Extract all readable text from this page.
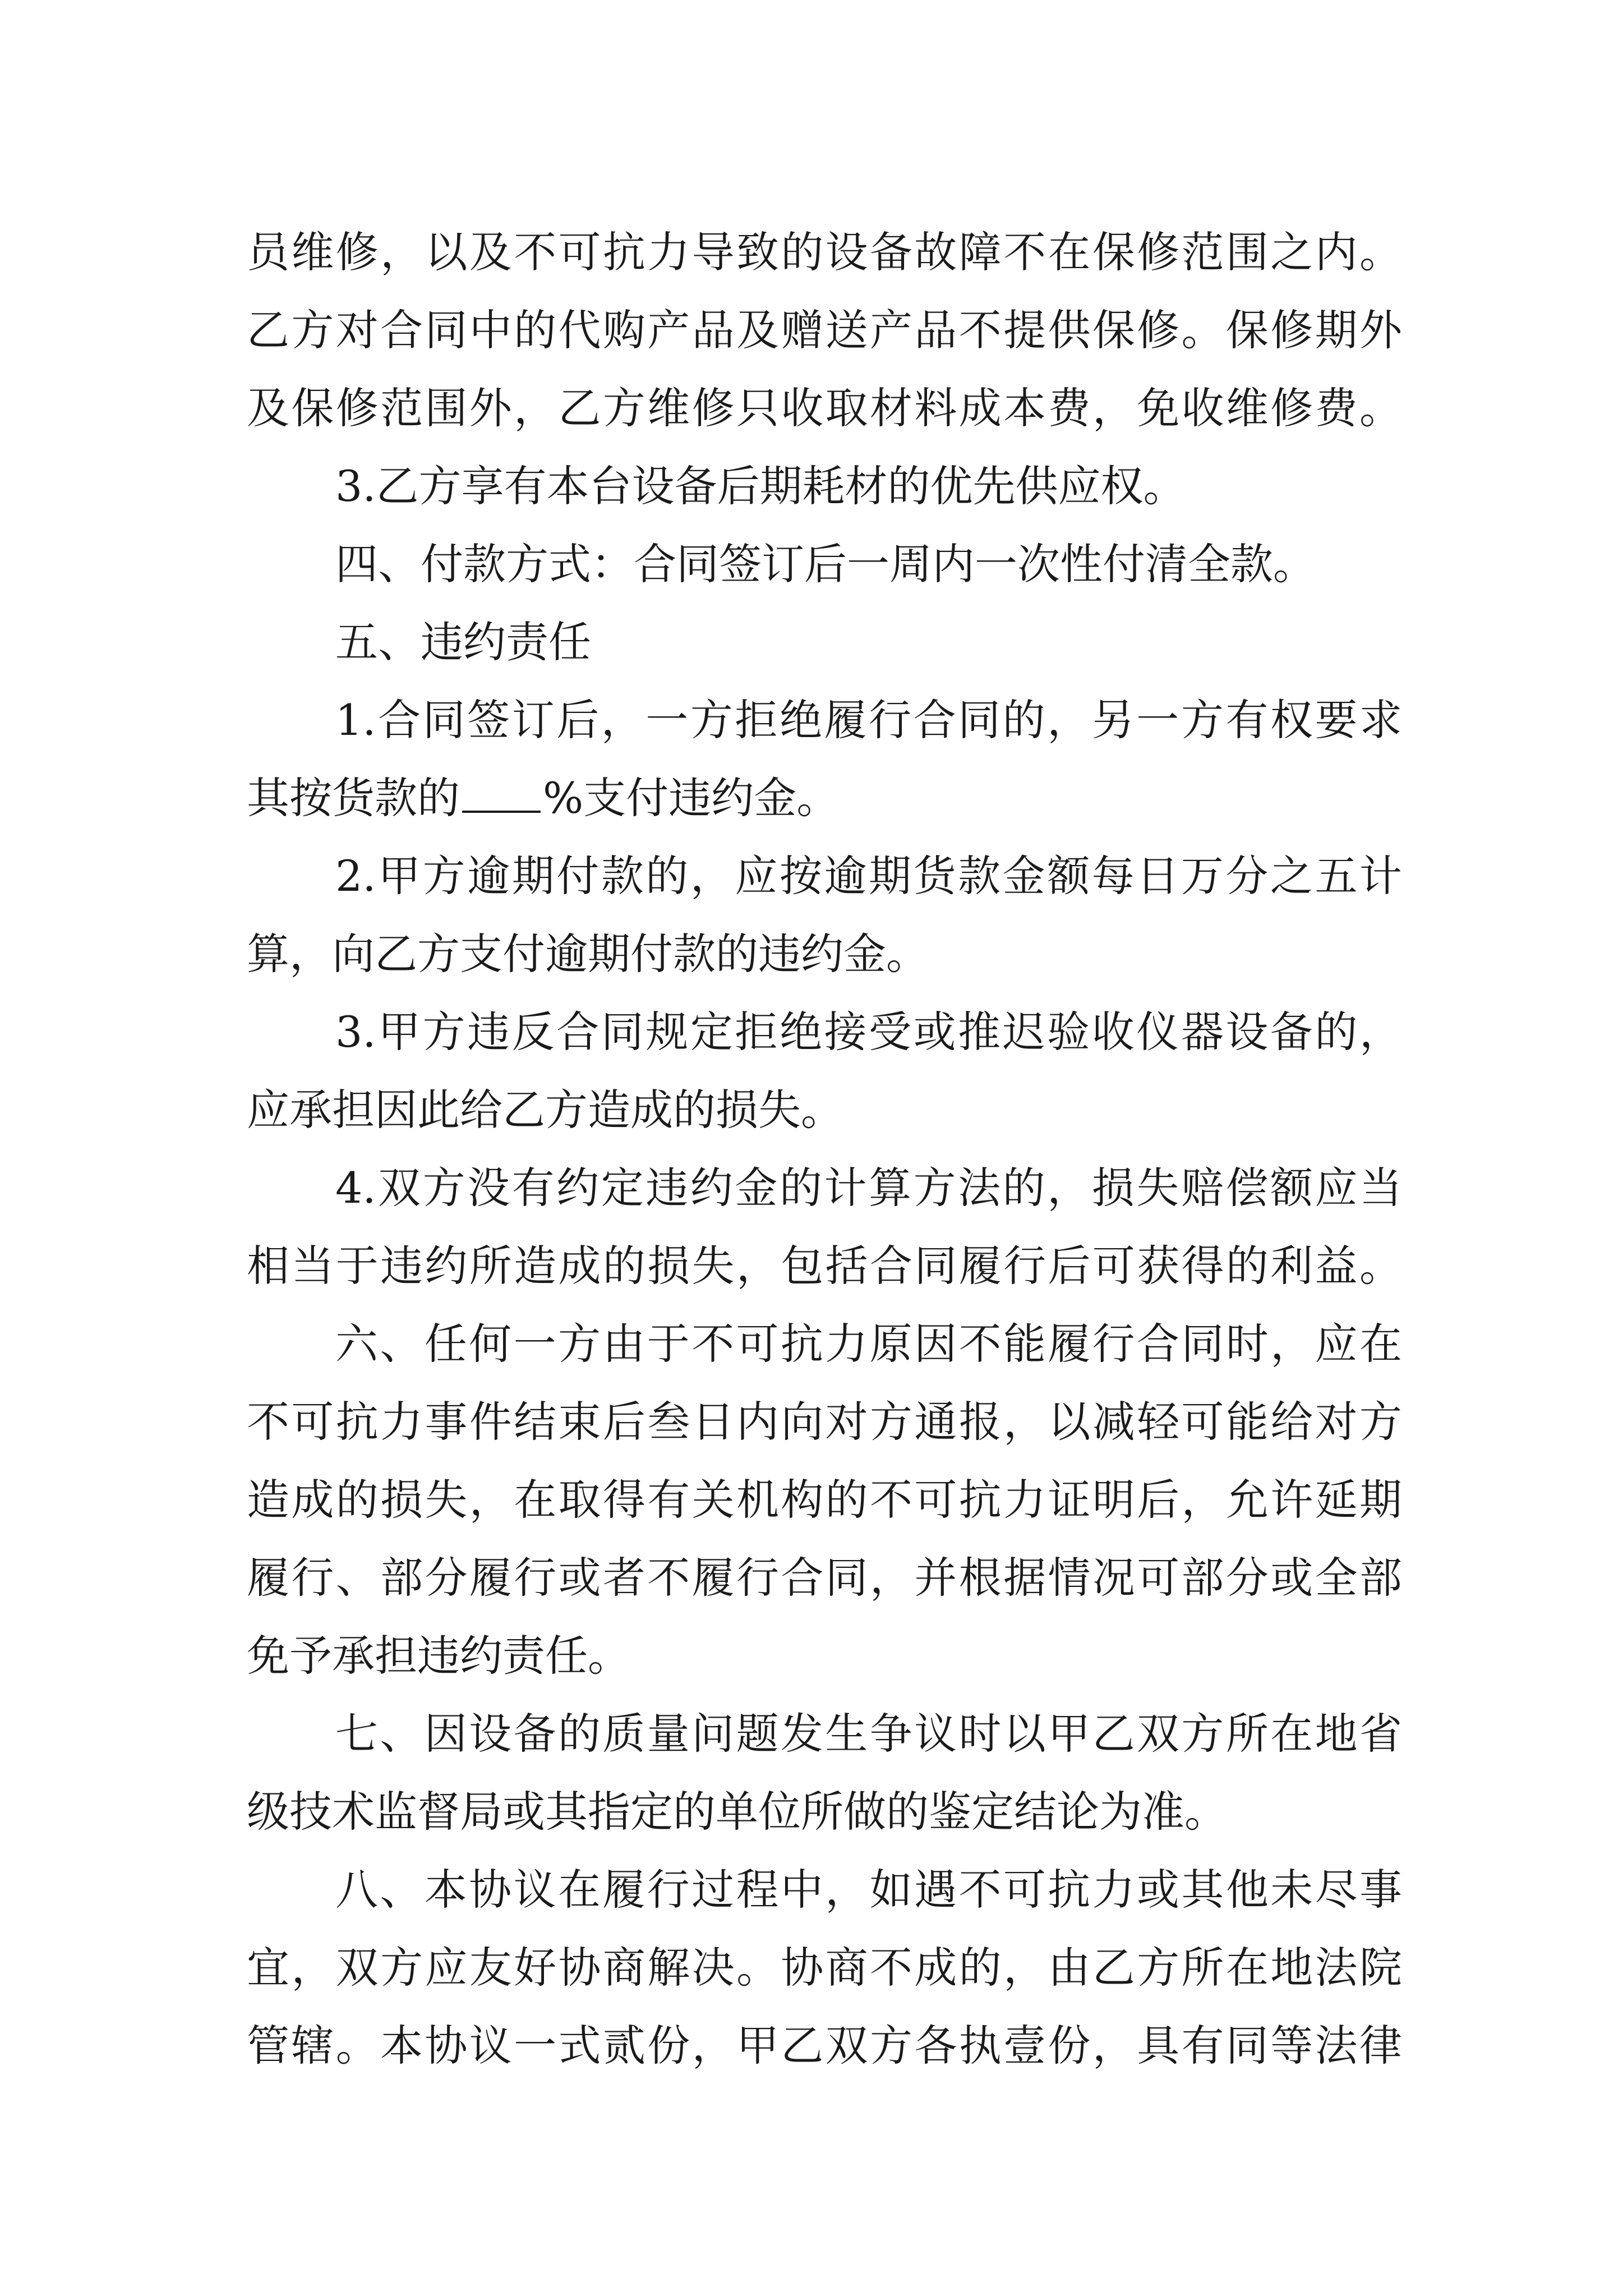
员维修，以及不可抗力导致的设备故障不在保修范围之内。
乙方对合同中的代购产品及赠送产品不提供保修。保修期外
及保修范围外，乙方维修只收取材料成本费，免收维修费。
3.乙方享有本台设备后期耗材的优先供应权。
四、付款方式：合同签订后一周内一次性付清全款。
五、违约责任
1.合同签订后，一方拒绝履行合同的，另一方有权要求
其按货款的 %支付违约金。
2.甲方逾期付款的，应按逾期货款金额每日万分之五计
算，向乙方支付逾期付款的违约金。
3.甲方违反合同规定拒绝接受或推迟验收仪器设备的，
应承担因此给乙方造成的损失。
4.双方没有约定违约金的计算方法的，损失赔偿额应当
相当于违约所造成的损失，包括合同履行后可获得的利益。
六、任何一方由于不可抗力原因不能履行合同时，应在
不可抗力事件结束后叁日内向对方通报，以减轻可能给对方
造成的损失，在取得有关机构的不可抗力证明后，允许延期
履行、部分履行或者不履行合同，并根据情况可部分或全部
免予承担违约责任。
七、因设备的质量问题发生争议时以甲乙双方所在地省
级技术监督局或其指定的单位所做的鉴定结论为准。
八、本协议在履行过程中，如遇不可抗力或其他未尽事
宜，双方应友好协商解决。协商不成的，由乙方所在地法院
管辖。本协议一式贰份，甲乙双方各执壹份，具有同等法律
